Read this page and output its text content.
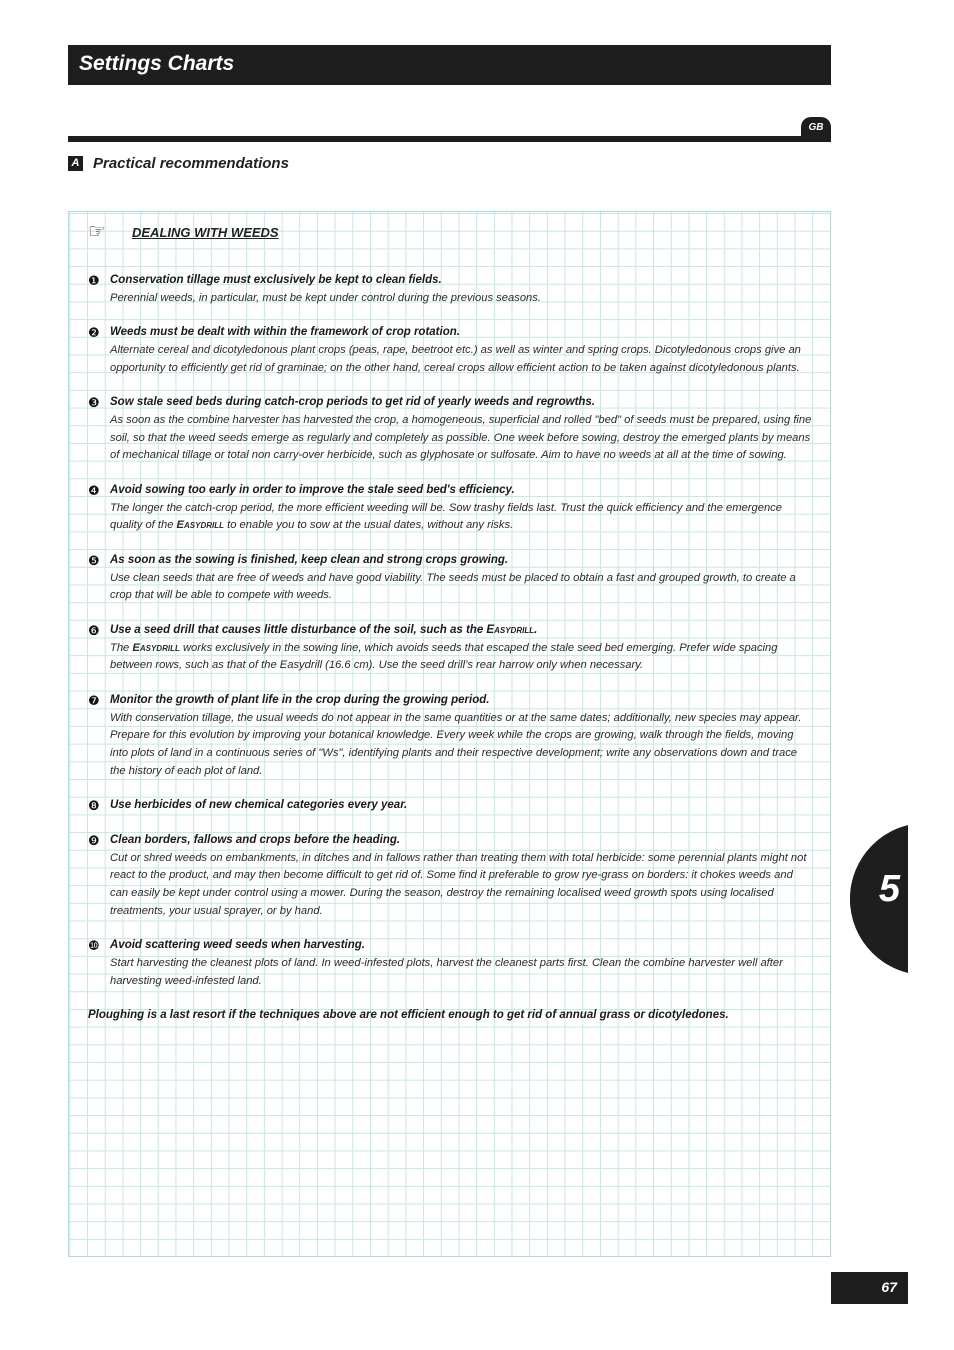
Settings Charts
GB
A Practical recommendations
☞	DEALING WITH WEEDS
❶ Conservation tillage must exclusively be kept to clean fields.
Perennial weeds, in particular, must be kept under control during the previous seasons.
❷ Weeds must be dealt with within the framework of crop rotation.
Alternate cereal and dicotyledonous plant crops (peas, rape, beetroot etc.) as well as winter and spring crops. Dicotyledonous crops give an opportunity to efficiently get rid of graminae; on the other hand, cereal crops allow efficient action to be taken against dicotyledonous plants.
❸ Sow stale seed beds during catch-crop periods to get rid of yearly weeds and regrowths.
As soon as the combine harvester has harvested the crop, a homogeneous, superficial and rolled "bed" of seeds must be prepared, using fine soil, so that the weed seeds emerge as regularly and completely as possible. One week before sowing, destroy the emerged plants by means of mechanical tillage or total non carry-over herbicide, such as glyphosate or sulfosate. Aim to have no weeds at all at the time of sowing.
❹ Avoid sowing too early in order to improve the stale seed bed's efficiency.
The longer the catch-crop period, the more efficient weeding will be. Sow trashy fields last. Trust the quick efficiency and the emergence quality of the Easydrill to enable you to sow at the usual dates, without any risks.
❺ As soon as the sowing is finished, keep clean and strong crops growing.
Use clean seeds that are free of weeds and have good viability. The seeds must be placed to obtain a fast and grouped growth, to create a crop that will be able to compete with weeds.
❻ Use a seed drill that causes little disturbance of the soil, such as the Easydrill.
The Easydrill works exclusively in the sowing line, which avoids seeds that escaped the stale seed bed emerging. Prefer wide spacing between rows, such as that of the Easydrill (16.6 cm). Use the seed drill’s rear harrow only when necessary.
❼ Monitor the growth of plant life in the crop during the growing period.
With conservation tillage, the usual weeds do not appear in the same quantities or at the same dates; additionally, new species may appear. Prepare for this evolution by improving your botanical knowledge. Every week while the crops are growing, walk through the fields, moving into plots of land in a continuous series of "Ws", identifying plants and their respective development; write any observations down and trace the history of each plot of land.
❽ Use herbicides of new chemical categories every year.
❾ Clean borders, fallows and crops before the heading.
Cut or shred weeds on embankments, in ditches and in fallows rather than treating them with total herbicide: some perennial plants might not react to the product, and may then become difficult to get rid of. Some find it preferable to grow rye-grass on borders: it chokes weeds and can easily be kept under control using a mower. During the season, destroy the remaining localised weed growth spots using localised treatments, your usual sprayer, or by hand.
❿ Avoid scattering weed seeds when harvesting.
Start harvesting the cleanest plots of land. In weed-infested plots, harvest the cleanest parts first. Clean the combine harvester well after harvesting weed-infested land.
Ploughing is a last resort if the techniques above are not efficient enough to get rid of annual grass or dicotyledones.
5
67
